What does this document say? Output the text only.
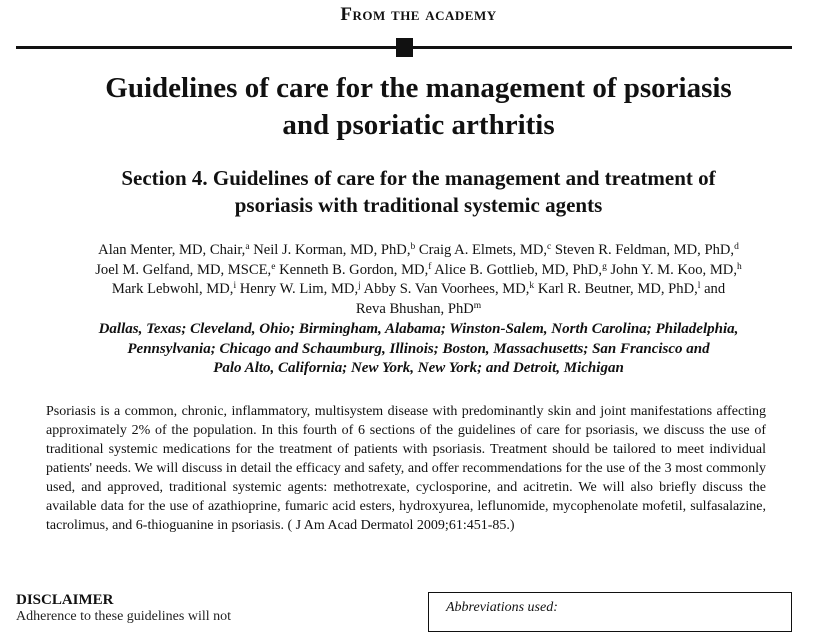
From the academy
Guidelines of care for the management of psoriasis
and psoriatic arthritis
Section 4. Guidelines of care for the management and treatment of
psoriasis with traditional systemic agents
Alan Menter, MD, Chair,$^a$ Neil J. Korman, MD, PhD,$^b$ Craig A. Elmets, MD,$^c$ Steven R. Feldman, MD, PhD,$^d$
Joel M. Gelfand, MD, MSCE,$^e$ Kenneth B. Gordon, MD,$^f$ Alice B. Gottlieb, MD, PhD,$^g$ John Y. M. Koo, MD,$^h$
Mark Lebwohl, MD,$^i$ Henry W. Lim, MD,$^j$ Abby S. Van Voorhees, MD,$^k$ Karl R. Beutner, MD, PhD,$^l$ and
Reva Bhushan, PhD$^m$
Dallas, Texas; Cleveland, Ohio; Birmingham, Alabama; Winston-Salem, North Carolina; Philadelphia,
Pennsylvania; Chicago and Schaumburg, Illinois; Boston, Massachusetts; San Francisco and
Palo Alto, California; New York, New York; and Detroit, Michigan

Psoriasis is a common, chronic, inflammatory, multisystem disease with predominantly skin and joint manifestations affecting approximately 2% of the population. In this fourth of 6 sections of the guidelines of care for psoriasis, we discuss the use of traditional systemic medications for the treatment of patients with psoriasis. Treatment should be tailored to meet individual patients' needs. We will discuss in detail the efficacy and safety, and offer recommendations for the use of the 3 most commonly used, and approved, traditional systemic agents: methotrexate, cyclosporine, and acitretin. We will also briefly discuss the available data for the use of azathioprine, fumaric acid esters, hydroxyurea, leflunomide, mycophenolate mofetil, sulfasalazine, tacrolimus, and 6-thioguanine in psoriasis. ( J Am Acad Dermatol 2009;61:451-85.)

DISCLAIMER

Adherence to these guidelines will not

Abbreviations used:
